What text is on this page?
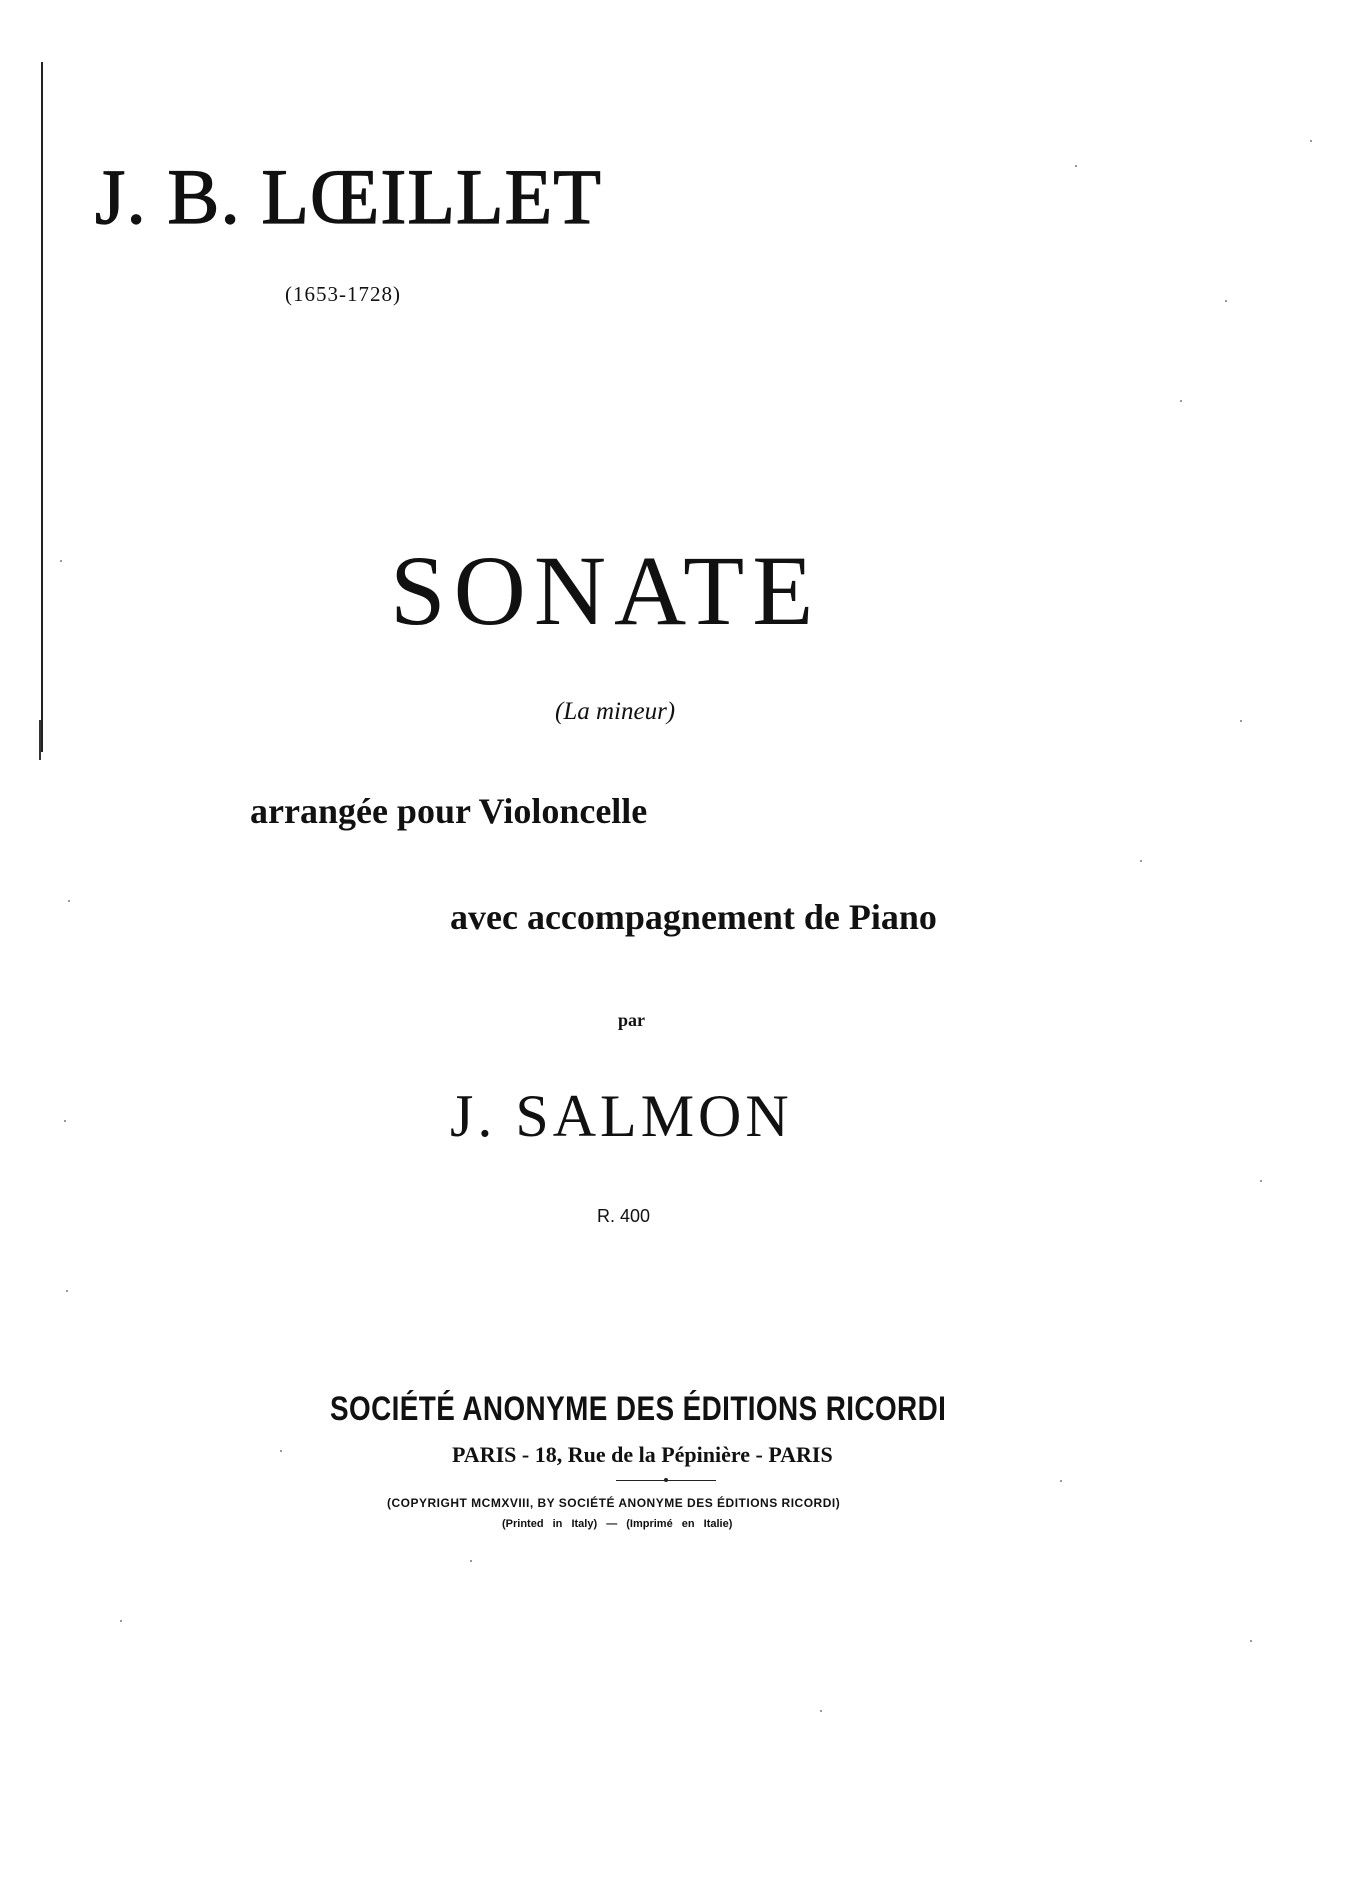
J. B. LŒILLET
(1653-1728)
SONATE
(La mineur)
arrangée pour Violoncelle
avec accompagnement de Piano
par
J. SALMON
R. 400
SOCIÉTÉ ANONYME DES ÉDITIONS RICORDI
PARIS - 18, Rue de la Pépinière - PARIS
(COPYRIGHT MCMXVIII, BY SOCIÉTÉ ANONYME DES ÉDITIONS RICORDI)
(Printed in Italy) — (Imprimé en Italie)
